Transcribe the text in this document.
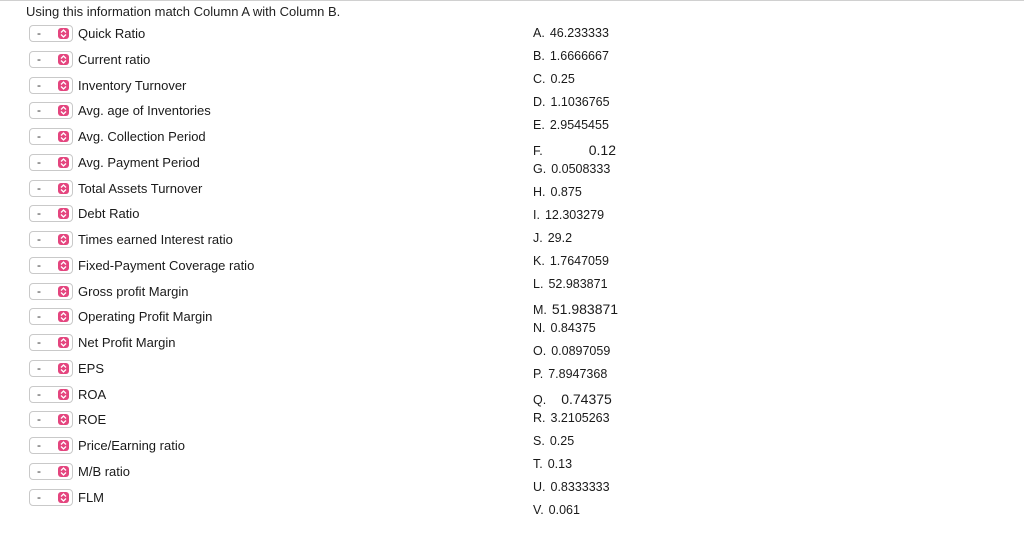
Using this information match Column A with Column B.
-	Quick Ratio
-	Current ratio
-	Inventory Turnover
-	Avg. age of Inventories
-	Avg. Collection Period
-	Avg. Payment Period
-	Total Assets Turnover
-	Debt Ratio
-	Times earned Interest ratio
-	Fixed-Payment Coverage ratio
-	Gross profit Margin
-	Operating Profit Margin
-	Net Profit Margin
-	EPS
-	ROA
-	ROE
-	Price/Earning ratio
-	M/B ratio
-	FLM
A. 46.233333
B. 1.6666667
C. 0.25
D. 1.1036765
E. 2.9545455
F.	0.12
G. 0.0508333
H. 0.875
I. 12.303279
J. 29.2
K. 1.7647059
L. 52.983871
M. 51.983871
N. 0.84375
O. 0.0897059
P. 7.8947368
Q. 0.74375
R. 3.2105263
S. 0.25
T. 0.13
U. 0.8333333
V. 0.061
